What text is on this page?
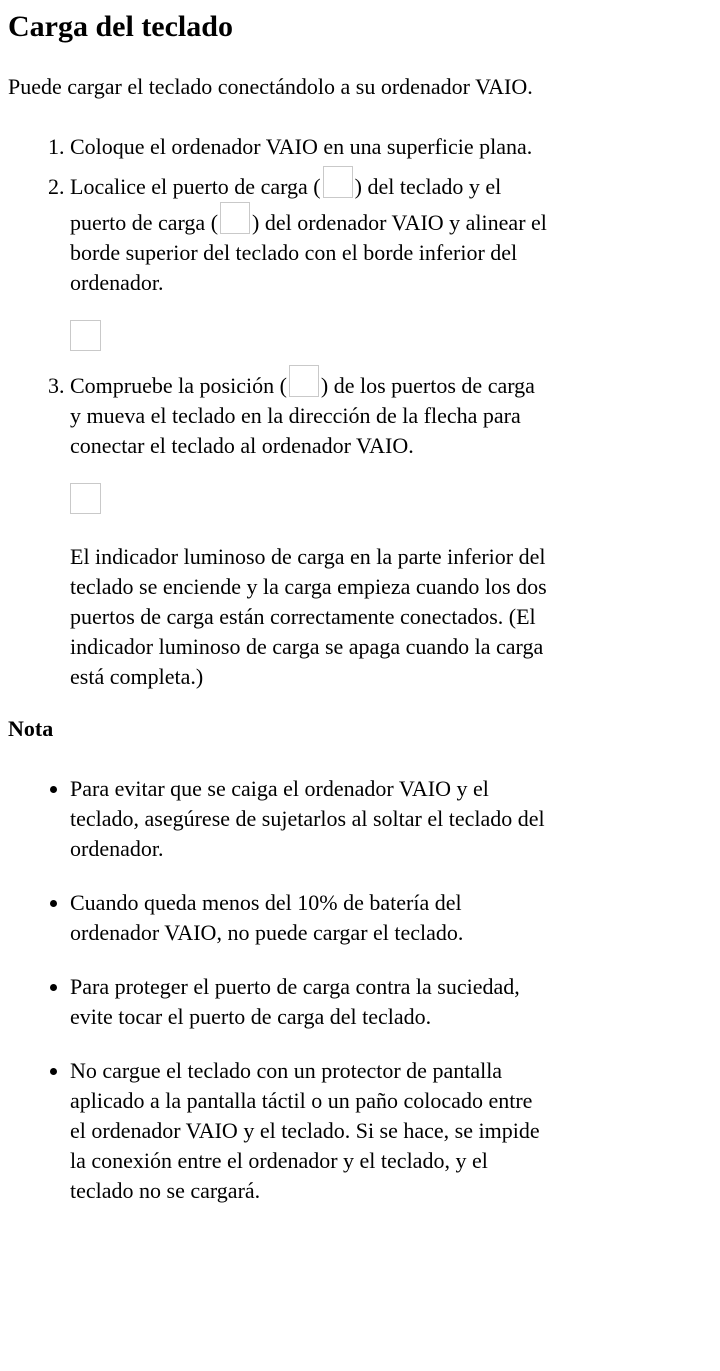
Carga del teclado

Puede cargar el teclado conectándolo a su ordenador VAIO.

1. Coloque el ordenador VAIO en una superficie plana.
2. Localice el puerto de carga ( ) del teclado y el puerto de carga ( ) del ordenador VAIO y alinear el borde superior del teclado con el borde inferior del ordenador.
3. Compruebe la posición ( ) de los puertos de carga y mueva el teclado en la dirección de la flecha para conectar el teclado al ordenador VAIO.

El indicador luminoso de carga en la parte inferior del teclado se enciende y la carga empieza cuando los dos puertos de carga están correctamente conectados. (El indicador luminoso de carga se apaga cuando la carga está completa.)

Nota

• Para evitar que se caiga el ordenador VAIO y el teclado, asegúrese de sujetarlos al soltar el teclado del ordenador.
• Cuando queda menos del 10% de batería del ordenador VAIO, no puede cargar el teclado.
• Para proteger el puerto de carga contra la suciedad, evite tocar el puerto de carga del teclado.
• No cargue el teclado con un protector de pantalla aplicado a la pantalla táctil o un paño colocado entre el ordenador VAIO y el teclado. Si se hace, se impide la conexión entre el ordenador y el teclado, y el teclado no se cargará.
